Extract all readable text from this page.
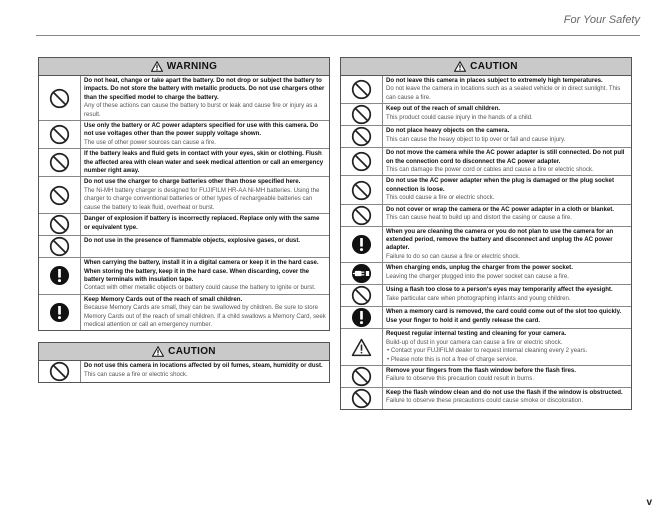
For Your Safety
WARNING
Do not heat, change or take apart the battery. Do not drop or subject the battery to impacts. Do not store the battery with metallic products. Do not use chargers other than the specified model to charge the battery.
Any of these actions can cause the battery to burst or leak and cause fire or injury as a result.
Use only the battery or AC power adapters specified for use with this camera. Do not use voltages other than the power supply voltage shown.
The use of other power sources can cause a fire.
If the battery leaks and fluid gets in contact with your eyes, skin or clothing. Flush the affected area with clean water and seek medical attention or call an emergency number right away.
Do not use the charger to charge batteries other than those specified here.
The Ni-MH battery charger is designed for FUJIFILM HR-AA Ni-MH batteries. Using the charger to charge conventional batteries or other types of rechargeable batteries can cause the battery to leak fluid, overheat or burst.
Danger of explosion if battery is incorrectly replaced. Replace only with the same or equivalent type.
Do not use in the presence of flammable objects, explosive gases, or dust.
When carrying the battery, install it in a digital camera or keep it in the hard case. When storing the battery, keep it in the hard case. When discarding, cover the battery terminals with insulation tape.
Contact with other metallic objects or battery could cause the battery to ignite or burst.
Keep Memory Cards out of the reach of small children.
Because Memory Cards are small, they can be swallowed by children. Be sure to store Memory Cards out of the reach of small children. If a child swallows a Memory Card, seek medical attention or call an emergency number.
CAUTION
Do not use this camera in locations affected by oil fumes, steam, humidity or dust.
This can cause a fire or electric shock.
CAUTION
Do not leave this camera in places subject to extremely high temperatures.
Do not leave the camera in locations such as a sealed vehicle or in direct sunlight. This can cause a fire.
Keep out of the reach of small children.
This product could cause injury in the hands of a child.
Do not place heavy objects on the camera.
This can cause the heavy object to tip over or fall and cause injury.
Do not move the camera while the AC power adapter is still connected. Do not pull on the connection cord to disconnect the AC power adapter.
This can damage the power cord or cables and cause a fire or electric shock.
Do not use the AC power adapter when the plug is damaged or the plug socket connection is loose.
This could cause a fire or electric shock.
Do not cover or wrap the camera or the AC power adapter in a cloth or blanket.
This can cause heat to build up and distort the casing or cause a fire.
When you are cleaning the camera or you do not plan to use the camera for an extended period, remove the battery and disconnect and unplug the AC power adapter.
Failure to do so can cause a fire or electric shock.
When charging ends, unplug the charger from the power socket.
Leaving the charger plugged into the power socket can cause a fire.
Using a flash too close to a person's eyes may temporarily affect the eyesight.
Take particular care when photographing infants and young children.
When a memory card is removed, the card could come out of the slot too quickly. Use your finger to hold it and gently release the card.
Request regular internal testing and cleaning for your camera.
Build-up of dust in your camera can cause a fire or electric shock.
• Contact your FUJIFILM dealer to request internal cleaning every 2 years.
• Please note this is not a free of charge service.
Remove your fingers from the flash window before the flash fires.
Failure to observe this precaution could result in burns.
Keep the flash window clean and do not use the flash if the window is obstructed.
Failure to observe these precautions could cause smoke or discoloration.
v
